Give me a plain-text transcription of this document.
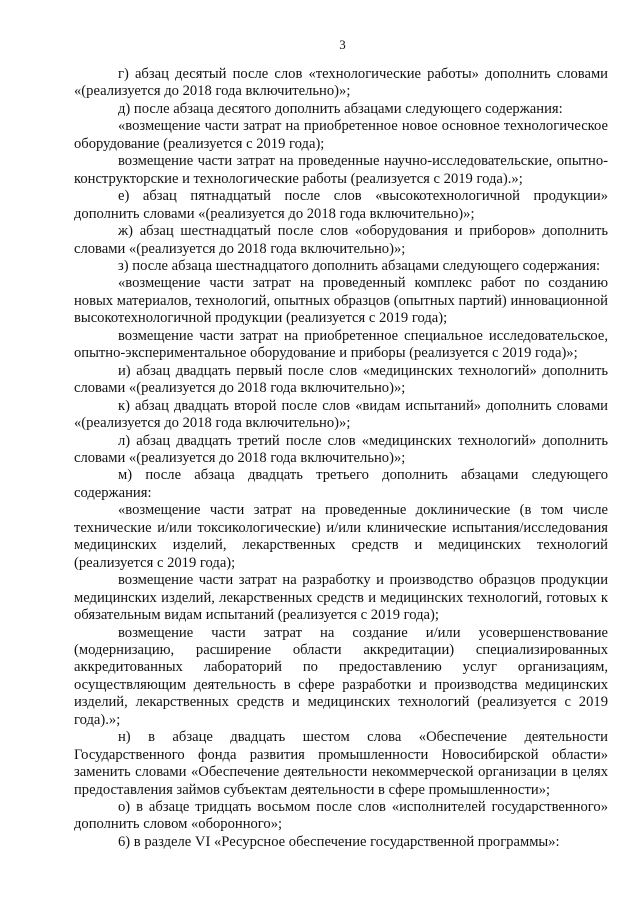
3

г) абзац десятый после слов «технологические работы» дополнить словами «(реализуется до 2018 года включительно)»;

д) после абзаца десятого дополнить абзацами следующего содержания:

«возмещение части затрат на приобретенное новое основное технологическое оборудование (реализуется с 2019 года);

возмещение части затрат на проведенные научно-исследовательские, опытно-конструкторские и технологические работы (реализуется с 2019 года).»;

е) абзац пятнадцатый после слов «высокотехнологичной продукции» дополнить словами «(реализуется до 2018 года включительно)»;

ж) абзац шестнадцатый после слов «оборудования и приборов» дополнить словами «(реализуется до 2018 года включительно)»;

з) после абзаца шестнадцатого дополнить абзацами следующего содержания:

«возмещение части затрат на проведенный комплекс работ по созданию новых материалов, технологий, опытных образцов (опытных партий) инновационной высокотехнологичной продукции (реализуется с 2019 года);

возмещение части затрат на приобретенное специальное исследовательское, опытно-экспериментальное оборудование и приборы (реализуется с 2019 года)»;

и) абзац двадцать первый после слов «медицинских технологий» дополнить словами «(реализуется до 2018 года включительно)»;

к) абзац двадцать второй после слов «видам испытаний» дополнить словами «(реализуется до 2018 года включительно)»;

л) абзац двадцать третий после слов «медицинских технологий» дополнить словами «(реализуется до 2018 года включительно)»;

м) после абзаца двадцать третьего дополнить абзацами следующего содержания:

«возмещение части затрат на проведенные доклинические (в том числе технические и/или токсикологические) и/или клинические испытания/исследования медицинских изделий, лекарственных средств и медицинских технологий (реализуется с 2019 года);

возмещение части затрат на разработку и производство образцов продукции медицинских изделий, лекарственных средств и медицинских технологий, готовых к обязательным видам испытаний (реализуется с 2019 года);

возмещение части затрат на создание и/или усовершенствование (модернизацию, расширение области аккредитации) специализированных аккредитованных лабораторий по предоставлению услуг организациям, осуществляющим деятельность в сфере разработки и производства медицинских изделий, лекарственных средств и медицинских технологий (реализуется с 2019 года).»;

н) в абзаце двадцать шестом слова «Обеспечение деятельности Государственного фонда развития промышленности Новосибирской области» заменить словами «Обеспечение деятельности некоммерческой организации в целях предоставления займов субъектам деятельности в сфере промышленности»;

о) в абзаце тридцать восьмом после слов «исполнителей государственного» дополнить словом «оборонного»;

6) в разделе VI «Ресурсное обеспечение государственной программы»:
